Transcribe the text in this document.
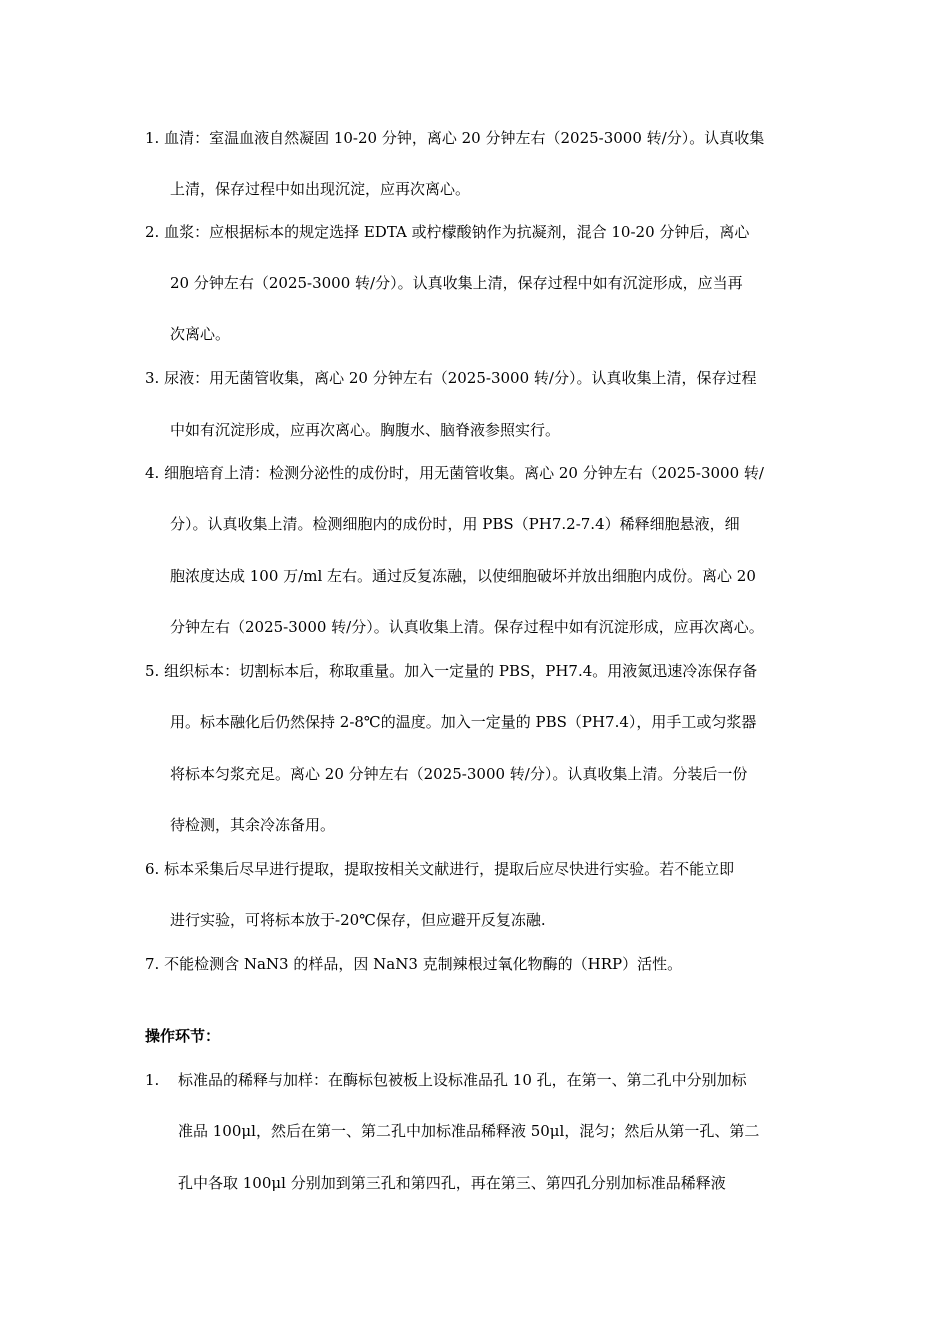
1. 血清：室温血液自然凝固 10-20 分钟，离心 20 分钟左右（2025-3000 转/分）。认真收集
上清，保存过程中如出现沉淀，应再次离心。
2. 血浆：应根据标本的规定选择 EDTA 或柠檬酸钠作为抗凝剂，混合 10-20 分钟后，离心
20 分钟左右（2025-3000 转/分）。认真收集上清，保存过程中如有沉淀形成，应当再
次离心。
3. 尿液：用无菌管收集，离心 20 分钟左右（2025-3000 转/分）。认真收集上清，保存过程
中如有沉淀形成，应再次离心。胸腹水、脑脊液参照实行。
4. 细胞培育上清：检测分泌性的成份时，用无菌管收集。离心 20 分钟左右（2025-3000 转/
分）。认真收集上清。检测细胞内的成份时，用 PBS（PH7.2-7.4）稀释细胞悬液，细
胞浓度达成 100 万/ml 左右。通过反复冻融，以使细胞破坏并放出细胞内成份。离心 20
分钟左右（2025-3000 转/分）。认真收集上清。保存过程中如有沉淀形成，应再次离心。
5. 组织标本：切割标本后，称取重量。加入一定量的 PBS，PH7.4。用液氮迅速冷冻保存备
用。标本融化后仍然保持 2-8℃的温度。加入一定量的 PBS（PH7.4），用手工或匀浆器
将标本匀浆充足。离心 20 分钟左右（2025-3000 转/分）。认真收集上清。分装后一份
待检测，其余冷冻备用。
6. 标本采集后尽早进行提取，提取按相关文献进行，提取后应尽快进行实验。若不能立即
进行实验，可将标本放于-20℃保存，但应避开反复冻融.
7. 不能检测含 NaN3 的样品，因 NaN3 克制辣根过氧化物酶的（HRP）活性。
操作环节：
1. 标准品的稀释与加样：在酶标包被板上设标准品孔 10 孔，在第一、第二孔中分别加标
准品 100μl，然后在第一、第二孔中加标准品稀释液 50μl，混匀；然后从第一孔、第二
孔中各取 100μl 分别加到第三孔和第四孔，再在第三、第四孔分别加标准品稀释液
